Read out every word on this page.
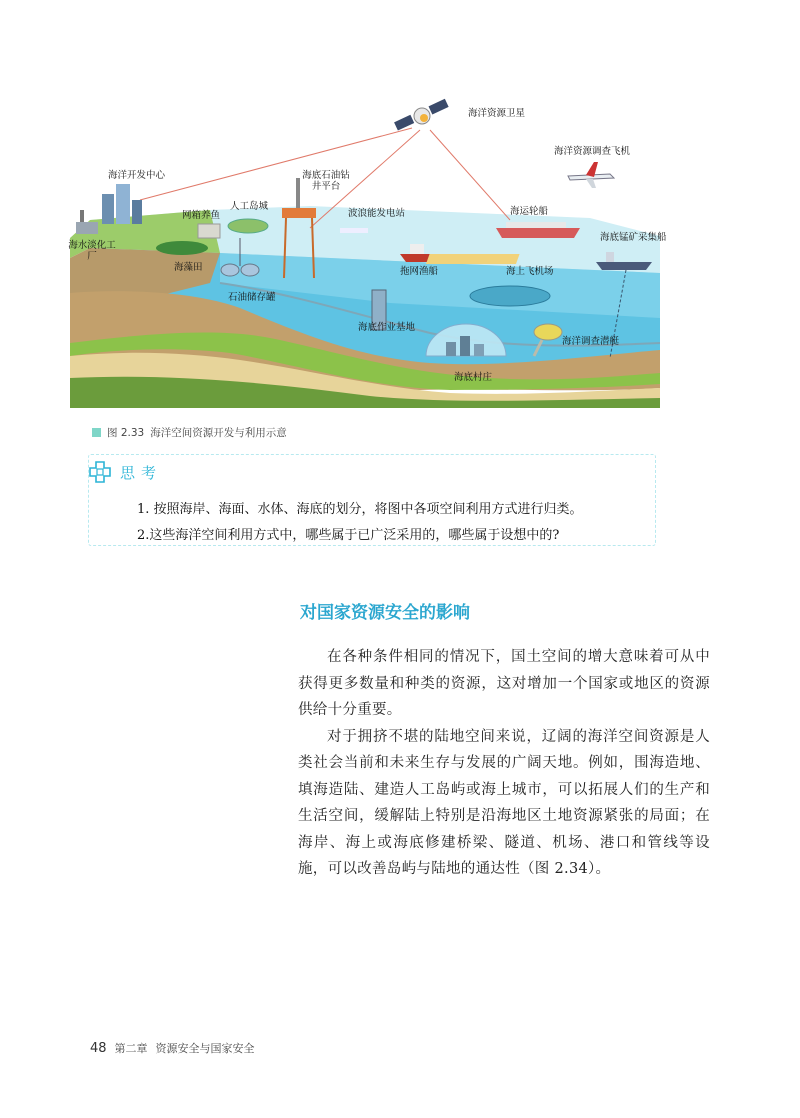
海洋资源卫星
海洋资源调查飞机
海洋开发中心	海底石油钻井平台
网箱养鱼
人工岛城
波浪能发电站	海运轮船
海底锰矿采集船
海水淡化工厂
海藻田
石油储存罐
拖网渔船	海上飞机场
海底作业基地
海洋调查潜艇
海底村庄
图 2.33 海洋空间资源开发与利用示意
思考
1. 按照海岸、海面、水体、海底的划分，将图中各项空间利用方式进行归类。
2.这些海洋空间利用方式中，哪些属于已广泛采用的，哪些属于设想中的?
对国家资源安全的影响

在各种条件相同的情况下，国土空间的增大意味着可从中获得更多数量和种类的资源，这对增加一个国家或地区的资源供给十分重要。

对于拥挤不堪的陆地空间来说，辽阔的海洋空间资源是人类社会当前和未来生存与发展的广阔天地。例如，围海造地、填海造陆、建造人工岛屿或海上城市，可以拓展人们的生产和生活空间，缓解陆上特别是沿海地区土地资源紧张的局面；在海岸、海上或海底修建桥梁、隧道、机场、港口和管线等设施，可以改善岛屿与陆地的通达性（图 2.34）。

48 第二章 资源安全与国家安全
